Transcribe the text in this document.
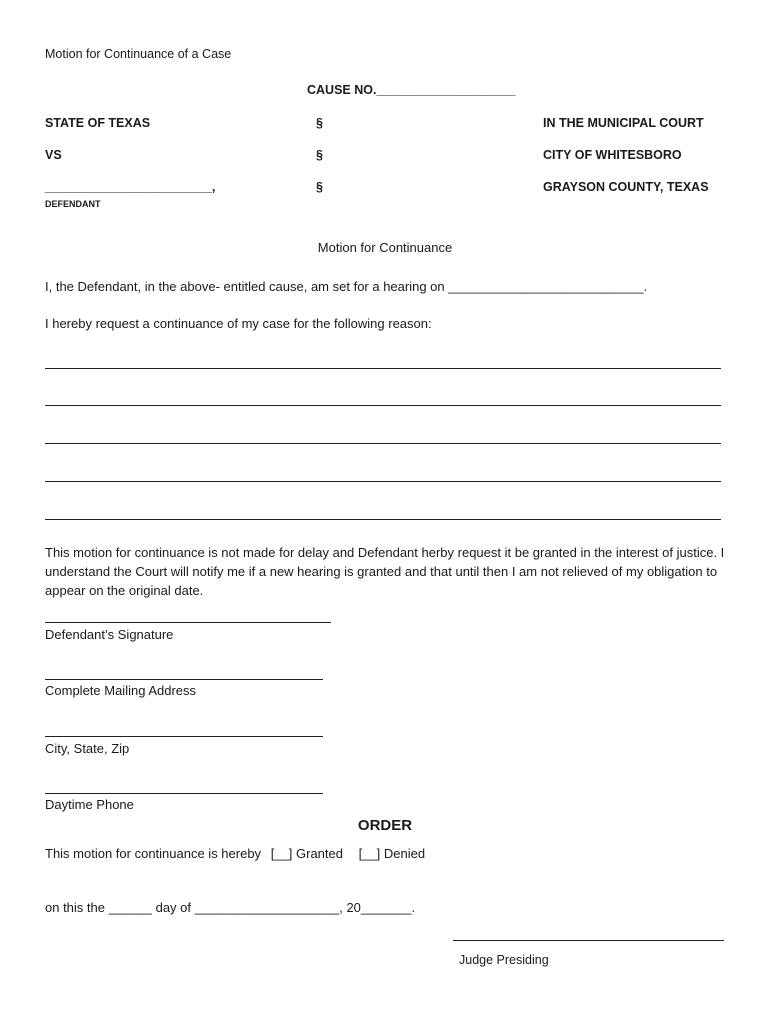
Motion for Continuance of a Case
CAUSE NO.____________________
STATE OF TEXAS	§	IN THE MUNICIPAL COURT
VS	§	CITY OF WHITESBORO
________________________,	§	GRAYSON COUNTY, TEXAS
DEFENDANT
Motion for Continuance
I, the Defendant, in the above- entitled cause, am set for a hearing on ___________________________.
I hereby request a continuance of my case for the following reason:
This motion for continuance is not made for delay and Defendant herby request it be granted in the interest of justice. I understand the Court will notify me if a new hearing is granted and that until then I am not relieved of my obligation to appear on the original date.
Defendant’s Signature
Complete Mailing Address
City, State, Zip
Daytime Phone
ORDER
This motion for continuance is hereby [__] Granted [__] Denied
on this the ______ day of ____________________, 20_______.
Judge Presiding
